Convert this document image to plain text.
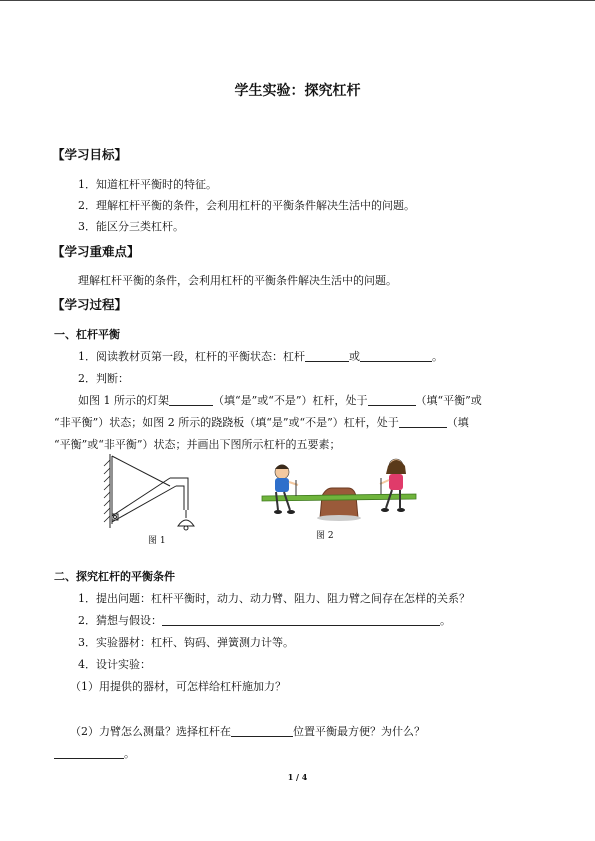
学生实验：探究杠杆
【学习目标】
1．知道杠杆平衡时的特征。
2．理解杠杆平衡的条件，会利用杠杆的平衡条件解决生活中的问题。
3．能区分三类杠杆。
【学习重难点】
理解杠杆平衡的条件，会利用杠杆的平衡条件解决生活中的问题。
【学习过程】
一、杠杆平衡
1．阅读教材页第一段，杠杆的平衡状态：杠杆	或	。
2．判断：
如图 1 所示的灯架	（填“是”或“不是”）杠杆，处于	（填“平衡”或
“非平衡”）状态；如图 2 所示的跷跷板（填“是”或“不是”）杠杆，处于	（填
“平衡”或“非平衡”）状态；并画出下图所示杠杆的五要素；
图 1	图 2
二、探究杠杆的平衡条件
1．提出问题：杠杆平衡时，动力、动力臂、阻力、阻力臂之间存在怎样的关系？
2．猜想与假设：	。
3．实验器材：杠杆、钩码、弹簧测力计等。
4．设计实验：
（1）用提供的器材，可怎样给杠杆施加力？
（2）力臂怎么测量？选择杠杆在	位置平衡最方便？为什么？
。
1 / 4
